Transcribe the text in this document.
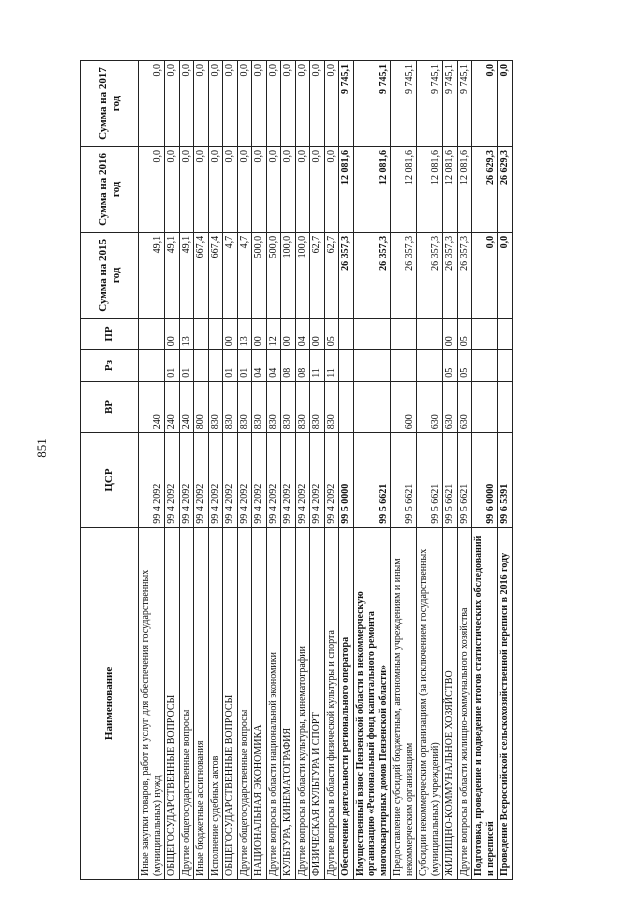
851
Наименование	ЦСР	ВР	Рз	ПР	Сумма на 2015 год	Сумма на 2016 год	Сумма на 2017 год
Иные закупки товаров, работ и услуг для обеспечения государственных (муниципальных) нужд	99 4 2092	240			49,1	0,0	0,0
ОБЩЕГОСУДАРСТВЕННЫЕ ВОПРОСЫ	99 4 2092	240	01	00	49,1	0,0	0,0
Другие общегосударственные вопросы	99 4 2092	240	01	13	49,1	0,0	0,0
Иные бюджетные ассигнования	99 4 2092	800			667,4	0,0	0,0
Исполнение судебных актов	99 4 2092	830			667,4	0,0	0,0
ОБЩЕГОСУДАРСТВЕННЫЕ ВОПРОСЫ	99 4 2092	830	01	00	4,7	0,0	0,0
Другие общегосударственные вопросы	99 4 2092	830	01	13	4,7	0,0	0,0
НАЦИОНАЛЬНАЯ ЭКОНОМИКА	99 4 2092	830	04	00	500,0	0,0	0,0
Другие вопросы в области национальной экономики	99 4 2092	830	04	12	500,0	0,0	0,0
КУЛЬТУРА, КИНЕМАТОГРАФИЯ	99 4 2092	830	08	00	100,0	0,0	0,0
Другие вопросы в области культуры, кинематографии	99 4 2092	830	08	04	100,0	0,0	0,0
ФИЗИЧЕСКАЯ КУЛЬТУРА И СПОРТ	99 4 2092	830	11	00	62,7	0,0	0,0
Другие вопросы в области физической культуры и спорта	99 4 2092	830	11	05	62,7	0,0	0,0
Обеспечение деятельности регионального оператора	99 5 0000				26 357,3	12 081,6	9 745,1
Имущественный взнос Пензенской области в некоммерческую организацию «Региональный фонд капитального ремонта многоквартирных домов Пензенской области»	99 5 6621				26 357,3	12 081,6	9 745,1
Предоставление субсидий бюджетным, автономным учреждениям и иным некоммерческим организациям	99 5 6621	600			26 357,3	12 081,6	9 745,1
Субсидии некоммерческим организациям (за исключением государственных (муниципальных) учреждений)	99 5 6621	630			26 357,3	12 081,6	9 745,1
ЖИЛИЩНО-КОММУНАЛЬНОЕ ХОЗЯЙСТВО	99 5 6621	630	05	00	26 357,3	12 081,6	9 745,1
Другие вопросы в области жилищно-коммунального хозяйства	99 5 6621	630	05	05	26 357,3	12 081,6	9 745,1
Подготовка, проведение и подведение итогов статистических обследований и переписей	99 6 0000				0,0	26 629,3	0,0
Проведение Всероссийской сельскохозяйственной переписи в 2016 году	99 6 5391				0,0	26 629,3	0,0
